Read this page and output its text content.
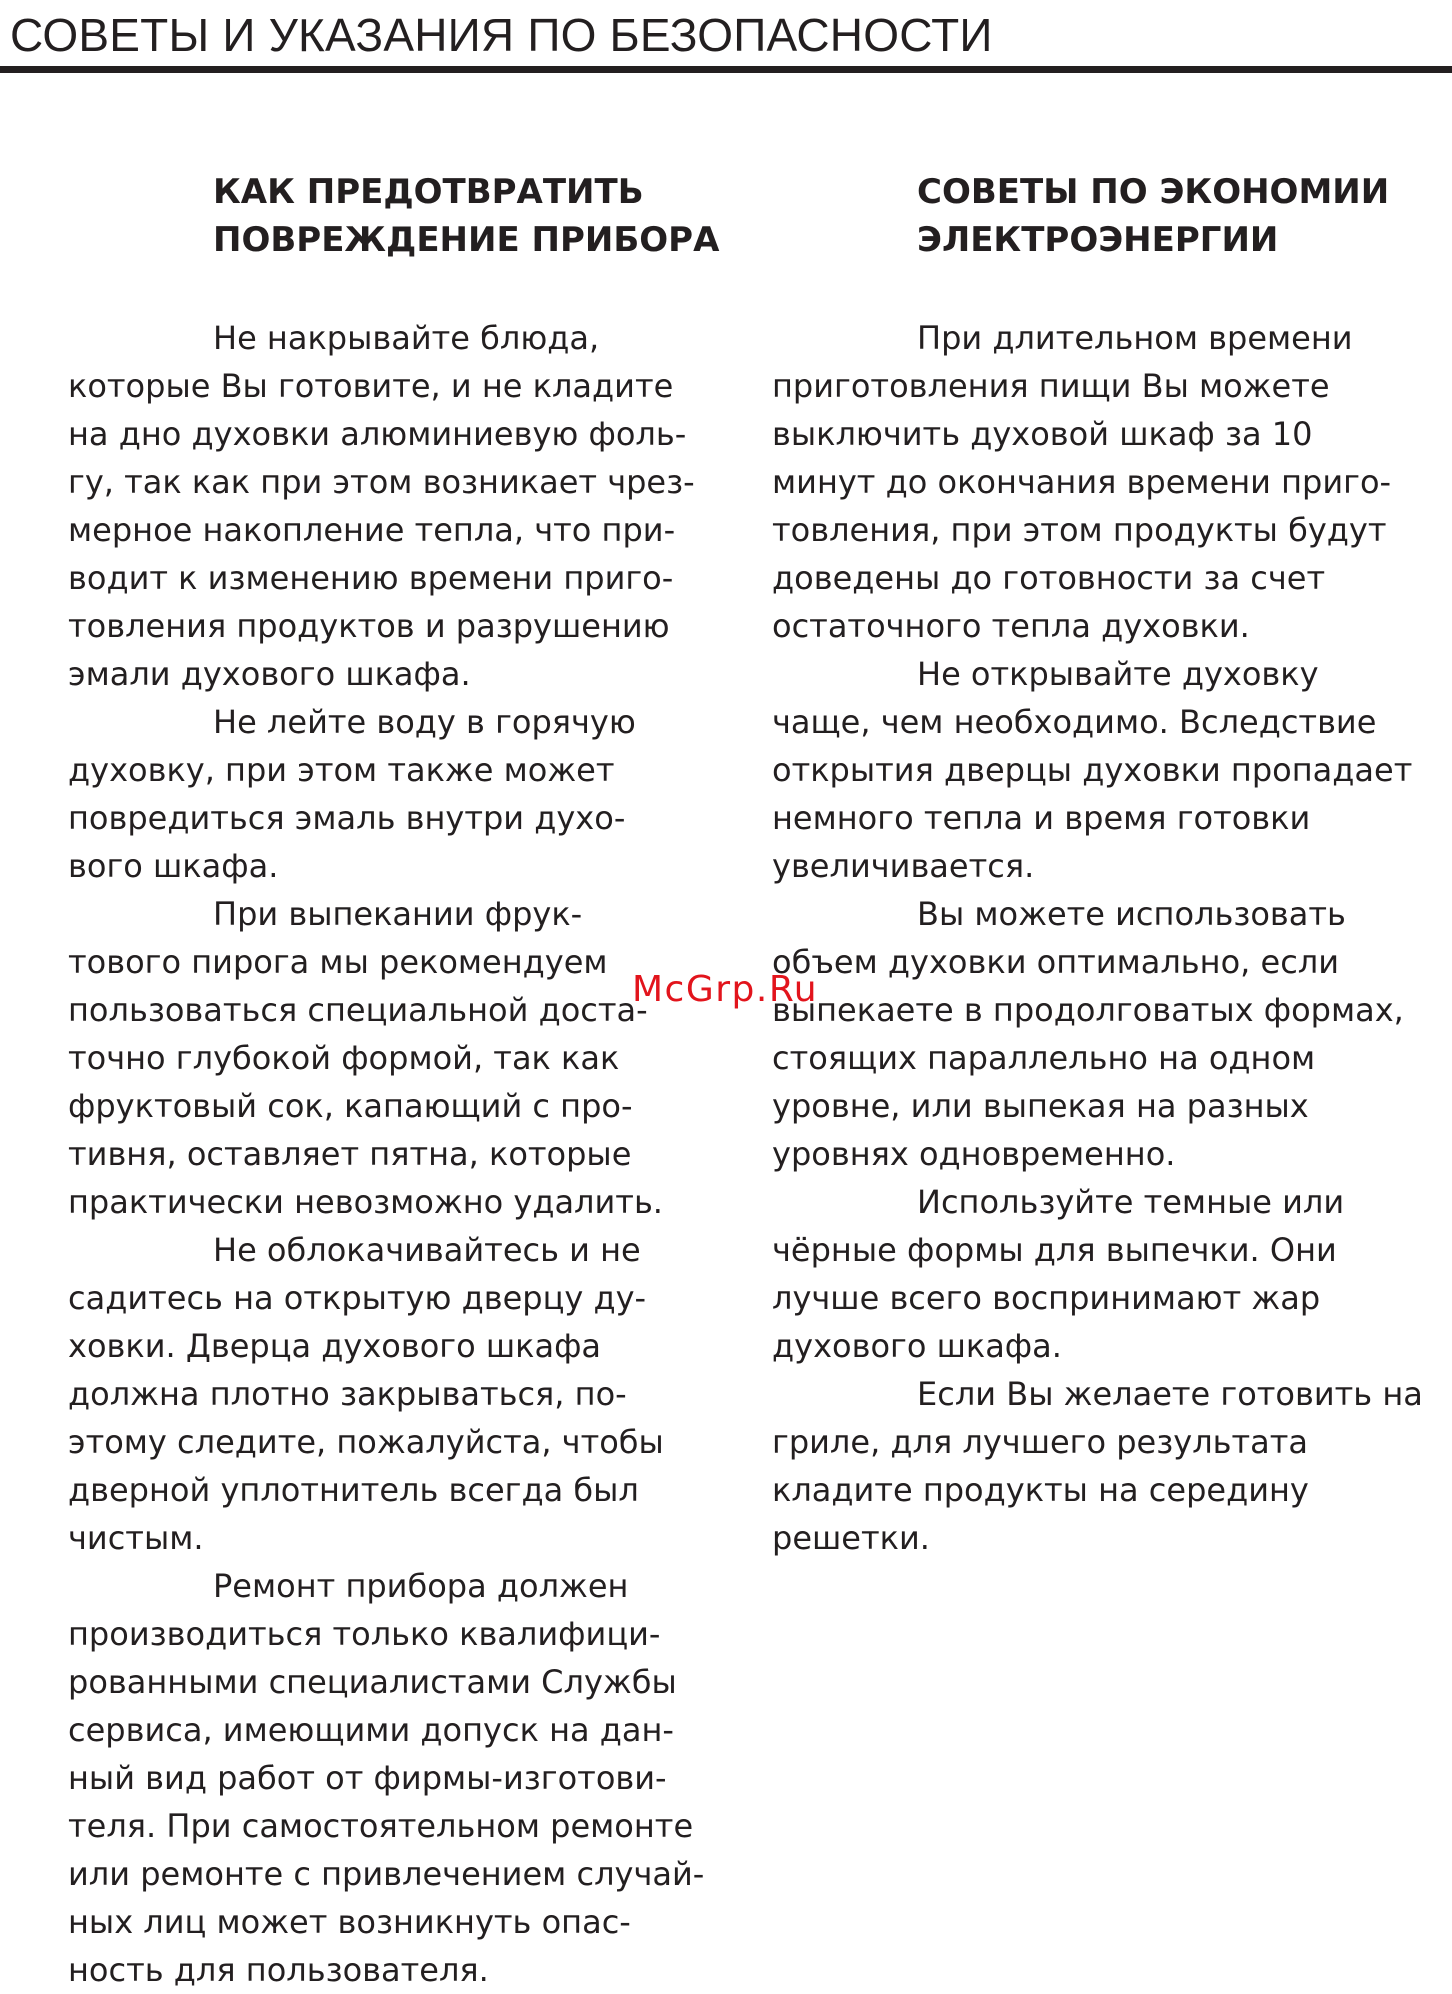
СОВЕТЫ И УКАЗАНИЯ ПО БЕЗОПАСНОСТИ
КАК ПРЕДОТВРАТИТЬ
ПОВРЕЖДЕНИЕ ПРИБОРА

Не накрывайте блюда,

которые Вы готовите, и не кладите

на дно духовки алюминиевую фоль-

гу, так как при этом возникает чрез-

мерное накопление тепла, что при-

водит к изменению времени приго-

товления продуктов и разрушению

эмали духового шкафа.

Не лейте воду в горячую

духовку, при этом также может

повредиться эмаль внутри духо-

вого шкафа.

При выпекании фрук-

тового пирога мы рекомендуем

пользоваться специальной доста-

точно глубокой формой, так как

фруктовый сок, капающий с про-

тивня, оставляет пятна, которые

практически невозможно удалить.

Не облокачивайтесь и не

садитесь на открытую дверцу ду-

ховки. Дверца духового шкафа

должна плотно закрываться, по-

этому следите, пожалуйста, чтобы

дверной уплотнитель всегда был

чистым.

Ремонт прибора должен

производиться только квалифици-

рованными специалистами Службы

сервиса, имеющими допуск на дан-

ный вид работ от фирмы-изготови-

теля. При самостоятельном ремонте

или ремонте с привлечением случай-

ных лиц может возникнуть опас-

ность для пользователя.

СОВЕТЫ ПО ЭКОНОМИИ
ЭЛЕКТРОЭНЕРГИИ

При длительном времени

приготовления пищи Вы можете

выключить духовой шкаф за 10

минут до окончания времени приго-

товления, при этом продукты будут

доведены до готовности за счет

остаточного тепла духовки.

Не открывайте духовку

чаще, чем необходимо. Вследствие

открытия дверцы духовки пропадает

немного тепла и время готовки

увеличивается.

Вы можете использовать

объем духовки оптимально, если

выпекаете в продолговатых формах,

стоящих параллельно на одном

уровне, или выпекая на разных

уровнях одновременно.

Используйте темные или

чёрные формы для выпечки. Они

лучше всего воспринимают жар

духового шкафа.

Если Вы желаете готовить на

гриле, для лучшего результата

кладите продукты на середину

решетки.

McGrp.Ru
